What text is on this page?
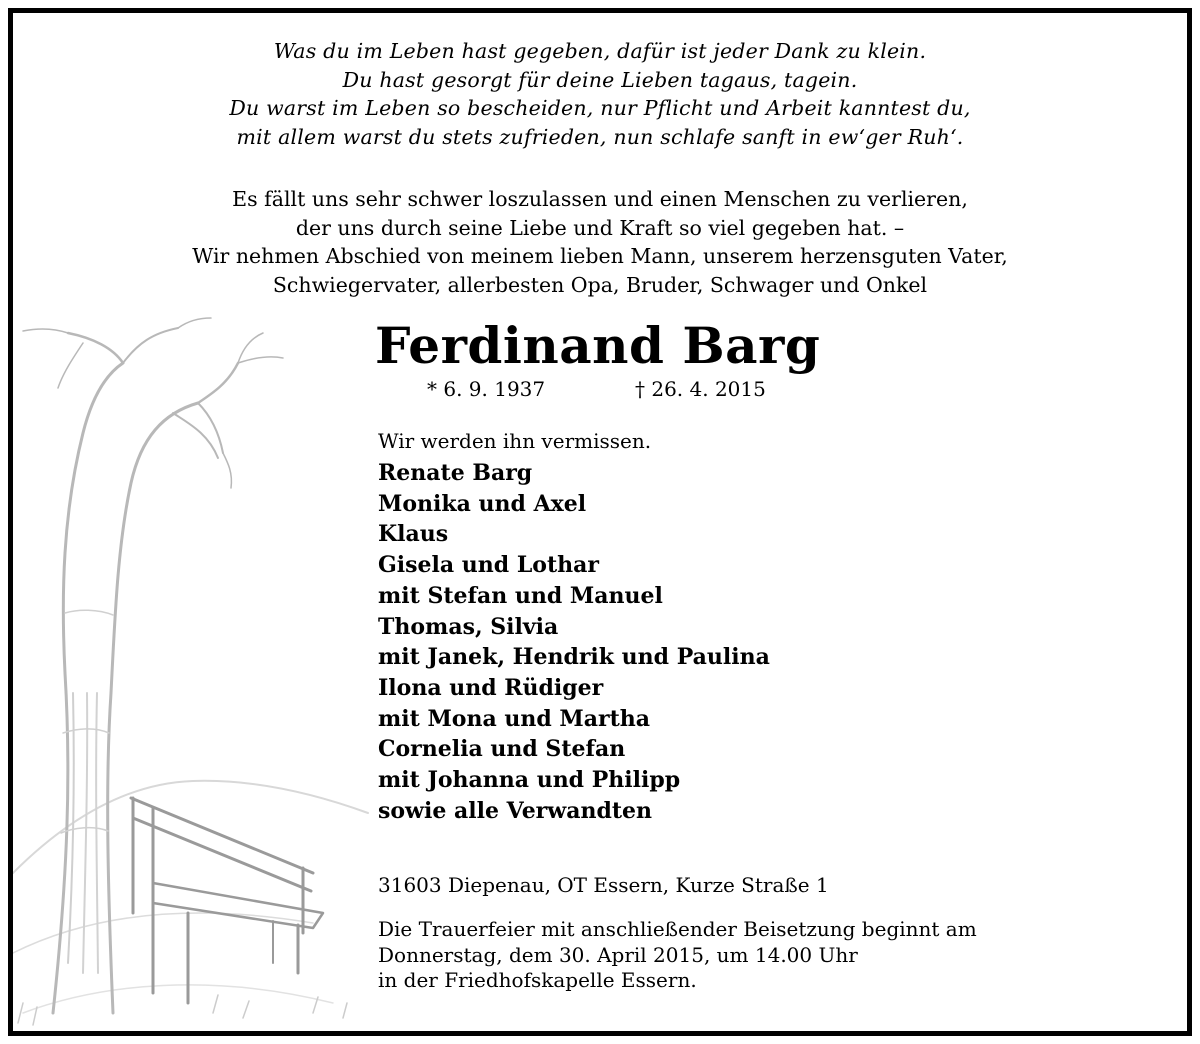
Was du im Leben hast gegeben, dafür ist jeder Dank zu klein.
Du hast gesorgt für deine Lieben tagaus, tagein.
Du warst im Leben so bescheiden, nur Pflicht und Arbeit kanntest du,
mit allem warst du stets zufrieden, nun schlafe sanft in ew‘ger Ruh‘.
Es fällt uns sehr schwer loszulassen und einen Menschen zu verlieren,
der uns durch seine Liebe und Kraft so viel gegeben hat. –
Wir nehmen Abschied von meinem lieben Mann, unserem herzensguten Vater,
Schwiegervater, allerbesten Opa, Bruder, Schwager und Onkel
Ferdinand Barg
* 6. 9. 1937	† 26. 4. 2015
Wir werden ihn vermissen.
Renate Barg
Monika und Axel
Klaus
Gisela und Lothar
mit Stefan und Manuel
Thomas, Silvia
mit Janek, Hendrik und Paulina
Ilona und Rüdiger
mit Mona und Martha
Cornelia und Stefan
mit Johanna und Philipp
sowie alle Verwandten
31603 Diepenau, OT Essern, Kurze Straße 1
Die Trauerfeier mit anschließender Beisetzung beginnt am
Donnerstag, dem 30. April 2015, um 14.00 Uhr
in der Friedhofskapelle Essern.
